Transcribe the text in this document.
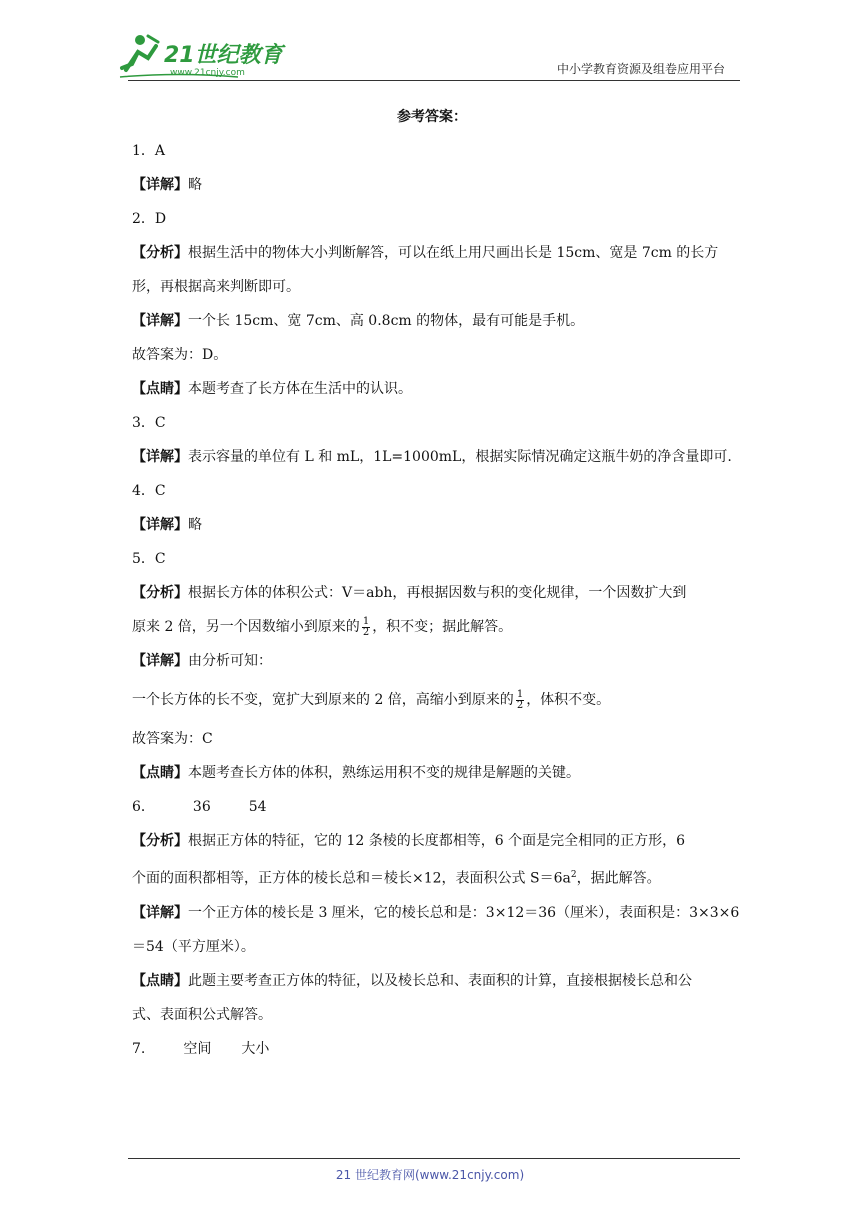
21世纪教育
www.21cnjy.com	中小学教育资源及组卷应用平台
参考答案：
1．A
【详解】略
2．D
【分析】根据生活中的物体大小判断解答，可以在纸上用尺画出长是 15cm、宽是 7cm 的长方形，再根据高来判断即可。
【详解】一个长 15cm、宽 7cm、高 0.8cm 的物体，最有可能是手机。
故答案为：D。
【点睛】本题考查了长方体在生活中的认识。
3．C
【详解】表示容量的单位有 L 和 mL，1L=1000mL，根据实际情况确定这瓶牛奶的净含量即可.
4．C
【详解】略
5．C
【分析】根据长方体的体积公式：V＝abh，再根据因数与积的变化规律，一个因数扩大到
原来 2 倍，另一个因数缩小到原来的 $\frac{1}{2}$ ，积不变；据此解答。
【详解】由分析可知：
一个长方体的长不变，宽扩大到原来的 2 倍，高缩小到原来的 $\frac{1}{2}$ ，体积不变。
故答案为：C
【点睛】本题考查长方体的体积，熟练运用积不变的规律是解题的关键。
6．	36	54
【分析】根据正方体的特征，它的 12 条棱的长度都相等，6 个面是完全相同的正方形，6
个面的面积都相等，正方体的棱长总和＝棱长×12，表面积公式 $S=6a^2$，据此解答。
【详解】一个正方体的棱长是 3 厘米，它的棱长总和是：3×12＝36（厘米），表面积是：3×3×6
＝54（平方厘米）。
【点睛】此题主要考查正方体的特征，以及棱长总和、表面积的计算，直接根据棱长总和公
式、表面积公式解答。
7.	空间 大小
21 世纪教育网(www.21cnjy.com)
